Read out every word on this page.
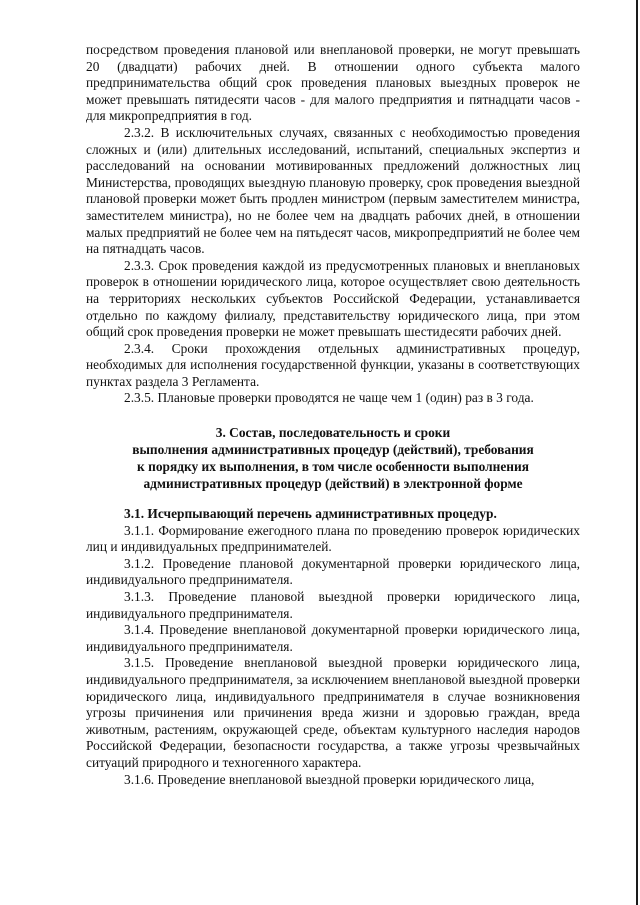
посредством проведения плановой или внеплановой проверки, не могут превышать 20 (двадцати) рабочих дней. В отношении одного субъекта малого предпринимательства общий срок проведения плановых выездных проверок не может превышать пятидесяти часов - для малого предприятия и пятнадцати часов - для микропредприятия в год.

2.3.2. В исключительных случаях, связанных с необходимостью проведения сложных и (или) длительных исследований, испытаний, специальных экспертиз и расследований на основании мотивированных предложений должностных лиц Министерства, проводящих выездную плановую проверку, срок проведения выездной плановой проверки может быть продлен министром (первым заместителем министра, заместителем министра), но не более чем на двадцать рабочих дней, в отношении малых предприятий не более чем на пятьдесят часов, микропредприятий не более чем на пятнадцать часов.

2.3.3. Срок проведения каждой из предусмотренных плановых и внеплановых проверок в отношении юридического лица, которое осуществляет свою деятельность на территориях нескольких субъектов Российской Федерации, устанавливается отдельно по каждому филиалу, представительству юридического лица, при этом общий срок проведения проверки не может превышать шестидесяти рабочих дней.

2.3.4. Сроки прохождения отдельных административных процедур, необходимых для исполнения государственной функции, указаны в соответствующих пунктах раздела 3 Регламента.

2.3.5. Плановые проверки проводятся не чаще чем 1 (один) раз в 3 года.

3. Состав, последовательность и сроки

выполнения административных процедур (действий), требования

к порядку их выполнения, в том числе особенности выполнения

административных процедур (действий) в электронной форме

3.1. Исчерпывающий перечень административных процедур.

3.1.1. Формирование ежегодного плана по проведению проверок юридических лиц и индивидуальных предпринимателей.

3.1.2. Проведение плановой документарной проверки юридического лица, индивидуального предпринимателя.

3.1.3. Проведение плановой выездной проверки юридического лица, индивидуального предпринимателя.

3.1.4. Проведение внеплановой документарной проверки юридического лица, индивидуального предпринимателя.

3.1.5. Проведение внеплановой выездной проверки юридического лица, индивидуального предпринимателя, за исключением внеплановой выездной проверки юридического лица, индивидуального предпринимателя в случае возникновения угрозы причинения или причинения вреда жизни и здоровью граждан, вреда животным, растениям, окружающей среде, объектам культурного наследия народов Российской Федерации, безопасности государства, а также угрозы чрезвычайных ситуаций природного и техногенного характера.

3.1.6. Проведение внеплановой выездной проверки юридического лица,
